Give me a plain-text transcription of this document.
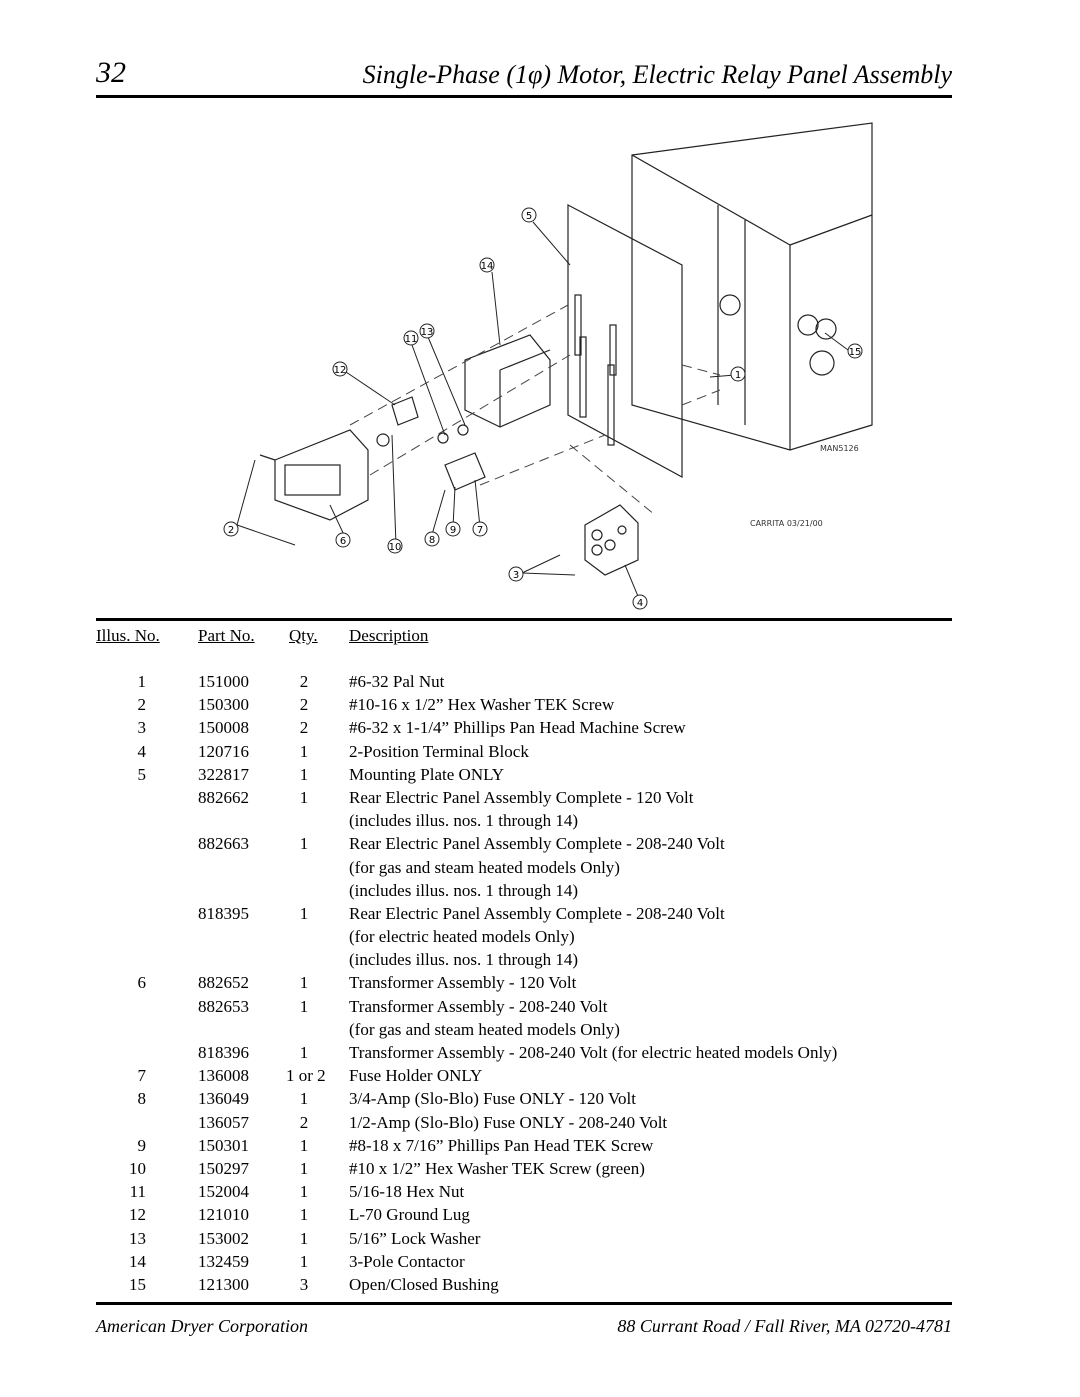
32	Single-Phase (1φ) Motor, Electric Relay Panel Assembly
5
14
11
13
12	1
15
2
6
10
8
9 7
3
4
MAN5126
CARRITA 03/21/00
Illus. No. Part No. Qty. Description
1	151000	2	#6-32 Pal Nut
2	150300	2	#10-16 x 1/2” Hex Washer TEK Screw
3	150008	2	#6-32 x 1-1/4” Phillips Pan Head Machine Screw
4	120716	1	2-Position Terminal Block
5	322817	1	Mounting Plate ONLY
882662	1	Rear Electric Panel Assembly Complete - 120 Volt
(includes illus. nos. 1 through 14)
882663	1	Rear Electric Panel Assembly Complete - 208-240 Volt
(for gas and steam heated models Only)
(includes illus. nos. 1 through 14)
818395	1	Rear Electric Panel Assembly Complete - 208-240 Volt
(for electric heated models Only)
(includes illus. nos. 1 through 14)
6	882652	1	Transformer Assembly - 120 Volt
882653	1	Transformer Assembly - 208-240 Volt
(for gas and steam heated models Only)
818396	1	Transformer Assembly - 208-240 Volt (for electric heated models Only)
7	136008 1 or 2 Fuse Holder ONLY
8	136049	1	3/4-Amp (Slo-Blo) Fuse ONLY - 120 Volt
136057	2	1/2-Amp (Slo-Blo) Fuse ONLY - 208-240 Volt
9	150301	1	#8-18 x 7/16” Phillips Pan Head TEK Screw
10	150297	1	#10 x 1/2” Hex Washer TEK Screw (green)
11	152004	1	5/16-18 Hex Nut
12	121010	1	L-70 Ground Lug
13	153002	1	5/16” Lock Washer
14	132459	1	3-Pole Contactor
15	121300	3	Open/Closed Bushing
American Dryer Corporation	88 Currant Road / Fall River, MA 02720-4781
